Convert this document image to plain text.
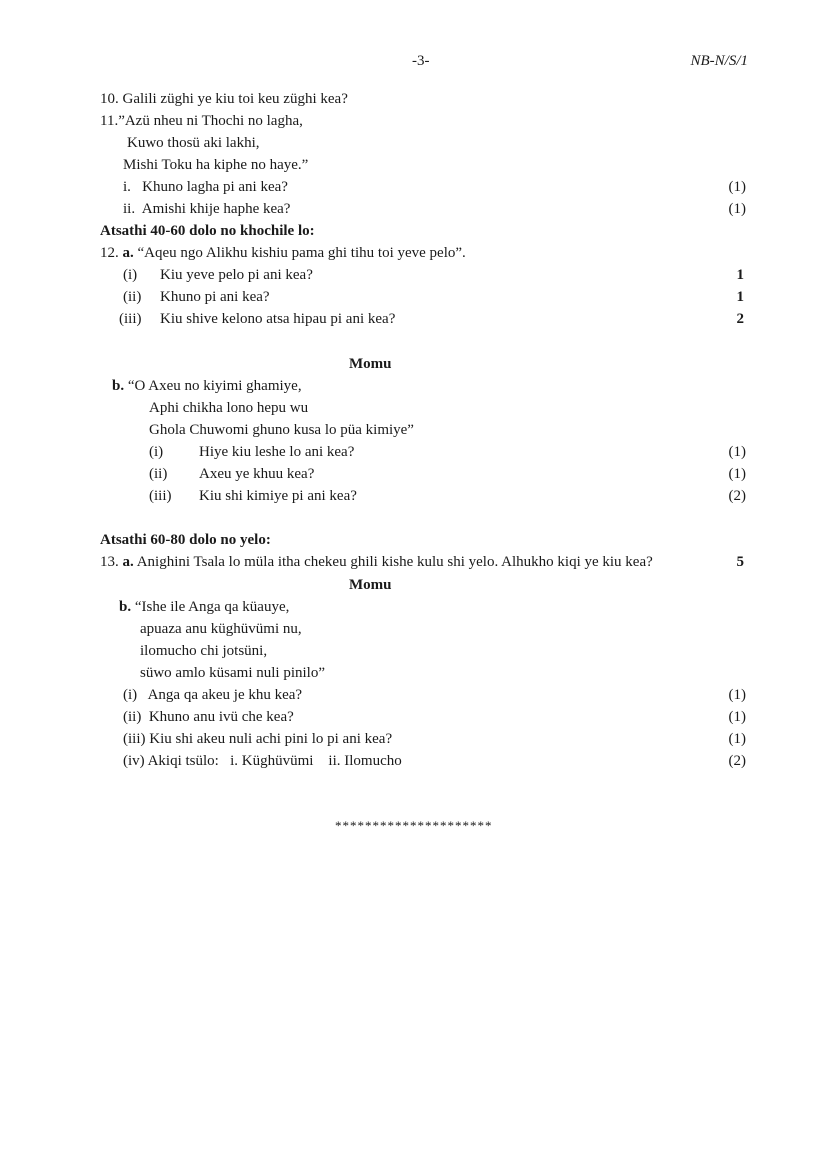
-3-	NB-N/S/1
10. Galili züghi ye kiu toi keu züghi kea?
11.”Azü nheu ni Thochi no lagha,
Kuwo thosü aki lakhi,
Mishi Toku ha kiphe no haye.”
i.   Khuno lagha pi ani kea?	(1)
ii.  Amishi khije haphe kea?	(1)
Atsathi 40-60 dolo no khochile lo:
12. a. “Aqeu ngo Alikhu kishiu pama ghi tihu toi yeve pelo”.
(i) Kiu yeve pelo pi ani kea?	1
(ii) Khuno pi ani kea?	1
(iii) Kiu shive kelono atsa hipau pi ani kea?	2
Momu
b. “O Axeu no kiyimi ghamiye,
Aphi chikha lono hepu wu
Ghola Chuwomi ghuno kusa lo püa kimiye”
(i) Hiye kiu leshe lo ani kea?	(1)
(ii) Axeu ye khuu kea?	(1)
(iii) Kiu shi kimiye pi ani kea?	(2)
Atsathi 60-80 dolo no yelo:
13. a. Anighini Tsala lo müla itha chekeu ghili kishe kulu shi yelo. Alhukho kiqi ye kiu kea?	5
Momu
b. “Ishe ile Anga qa küauye,
apuaza anu küghüvümi nu,
ilomucho chi jotsüni,
süwo amlo küsami nuli pinilo”
(i)   Anga qa akeu je khu kea?	(1)
(ii)  Khuno anu ivü che kea?	(1)
(iii) Kiu shi akeu nuli achi pini lo pi ani kea?	(1)
(iv) Akiqi tsülo:   i. Küghüvümi    ii. Ilomucho	(2)
*********************
